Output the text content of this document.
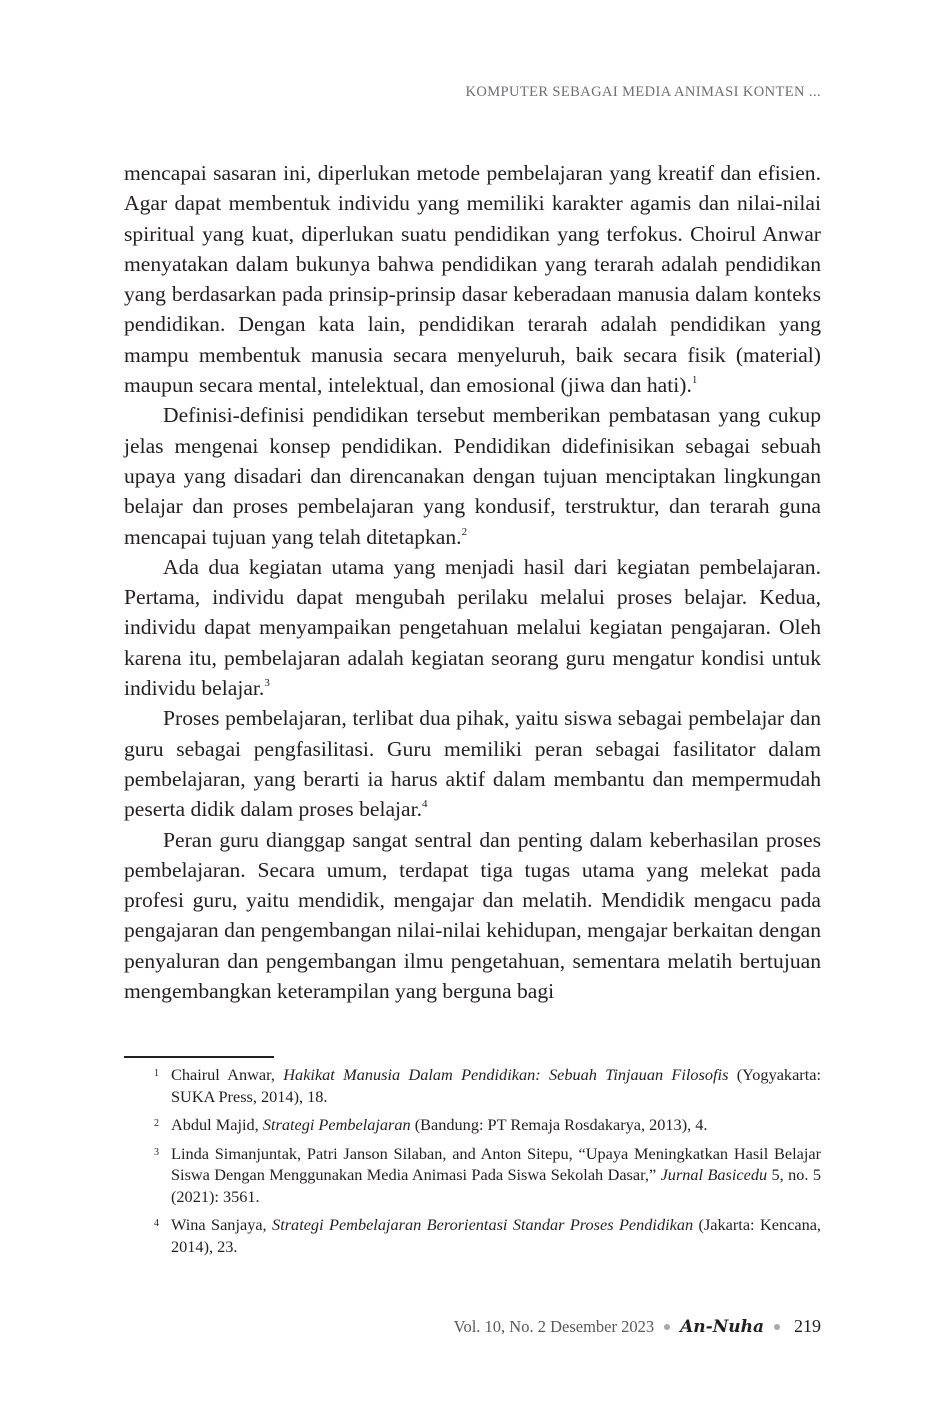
KOMPUTER SEBAGAI MEDIA ANIMASI KONTEN ...

mencapai sasaran ini, diperlukan metode pembelajaran yang kreatif dan efisien. Agar dapat membentuk individu yang memiliki karakter agamis dan nilai-nilai spiritual yang kuat, diperlukan suatu pendidikan yang terfokus. Choirul Anwar menyatakan dalam bukunya bahwa pendidikan yang terarah adalah pendidikan yang berdasarkan pada prinsip-prinsip dasar keberadaan manusia dalam konteks pendidikan. Dengan kata lain, pendidikan terarah adalah pendidikan yang mampu membentuk manusia secara menyeluruh, baik secara fisik (material) maupun secara mental, intelektual, dan emosional (jiwa dan hati).$^1$

Definisi-definisi pendidikan tersebut memberikan pembatasan yang cukup jelas mengenai konsep pendidikan. Pendidikan didefinisikan sebagai sebuah upaya yang disadari dan direncanakan dengan tujuan menciptakan lingkungan belajar dan proses pembelajaran yang kondusif, terstruktur, dan terarah guna mencapai tujuan yang telah ditetapkan.$^2$

Ada dua kegiatan utama yang menjadi hasil dari kegiatan pembelajaran. Pertama, individu dapat mengubah perilaku melalui proses belajar. Kedua, individu dapat menyampaikan pengetahuan melalui kegiatan pengajaran. Oleh karena itu, pembelajaran adalah kegiatan seorang guru mengatur kondisi untuk individu belajar.$^3$

Proses pembelajaran, terlibat dua pihak, yaitu siswa sebagai pembelajar dan guru sebagai pengfasilitasi. Guru memiliki peran sebagai fasilitator dalam pembelajaran, yang berarti ia harus aktif dalam membantu dan mempermudah peserta didik dalam proses belajar.$^4$

Peran guru dianggap sangat sentral dan penting dalam keberhasilan proses pembelajaran. Secara umum, terdapat tiga tugas utama yang melekat pada profesi guru, yaitu mendidik, mengajar dan melatih. Mendidik mengacu pada pengajaran dan pengembangan nilai-nilai kehidupan, mengajar berkaitan dengan penyaluran dan pengembangan ilmu pengetahuan, sementara melatih bertujuan mengembangkan keterampilan yang berguna bagi

1 Chairul Anwar, Hakikat Manusia Dalam Pendidikan: Sebuah Tinjauan Filosofis (Yogyakarta: SUKA Press, 2014), 18.
2 Abdul Majid, Strategi Pembelajaran (Bandung: PT Remaja Rosdakarya, 2013), 4.
3 Linda Simanjuntak, Patri Janson Silaban, and Anton Sitepu, “Upaya Meningkatkan Hasil Belajar Siswa Dengan Menggunakan Media Animasi Pada Siswa Sekolah Dasar,” Jurnal Basicedu 5, no. 5 (2021): 3561.
4 Wina Sanjaya, Strategi Pembelajaran Berorientasi Standar Proses Pendidikan (Jakarta: Kencana, 2014), 23.
Vol. 10, No. 2 Desember 2023 An-Nuha 219
